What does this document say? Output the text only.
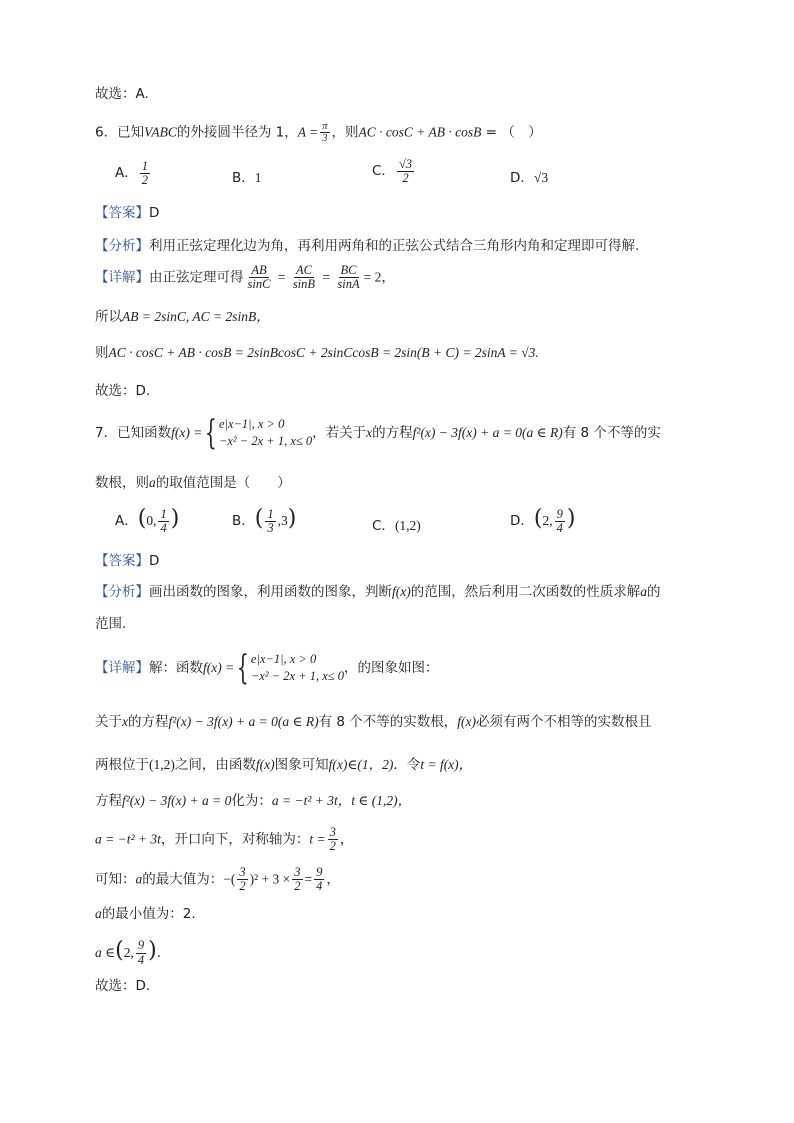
故选：A.
6．已知VABC的外接圆半径为 1，$A = \frac{\pi}{3}$ ，则AC · cosC + AB · cosB = （　）
A． $\frac{1}{2}$	B．1	C． $\frac{√3}{2}$	D．√3
【答案】D
【分析】利用正弦定理化边为角，再利用两角和的正弦公式结合三角形内角和定理即可得解.
【详解】由正弦定理可得 $\frac{AB}{\sin C} = \frac{AC}{\sin B} = \frac{BC}{\sin A} = 2$，
所以AB = 2sinC, AC = 2sinB，
则AC · cosC + AB · cosB = 2sinBcosC + 2sinCcosB = 2sin(B + C) = 2sinA = √3.
故选：D.
7．已知函数f(x) = { e|x−1|, x > 0
−x² − 2x + 1, x≤ 0 ，若关于x的方程f²(x) − 3f(x) + a = 0(a ∈ R)有 8 个不等的实
数根，则a的取值范围是（　　）
A．(0, $\frac{1}{4}$ )	B．( $\frac{1}{3} ,3$)	C．(1,2)	D．(2, $\frac{9}{4}$ )
【答案】D
【分析】画出函数的图象，利用函数的图象，判断f(x)的范围，然后利用二次函数的性质求解a的
范围.
【详解】解：函数f(x) = { e|x−1|, x > 0
−x² − 2x + 1, x≤ 0 ，的图象如图：
关于x的方程f²(x) − 3f(x) + a = 0(a ∈ R)有 8 个不等的实数根，f(x)必须有两个不相等的实数根且
两根位于(1,2)之间，由函数f(x)图象可知f(x)∈(1，2)．令t = f(x)，
方程f²(x) − 3f(x) + a = 0化为：a = −t² + 3t，t ∈ (1,2)，
a = −t² + 3t，开口向下，对称轴为：$t = \frac{3}{2}$ ，
可知：a的最大值为：−( $\frac{3}{2} )^2 + 3 \times \frac{3}{2} = \frac{9}{4}$ ，
a的最小值为：2.
a ∈(2, $\frac{9}{4}$ ).
故选：D.
